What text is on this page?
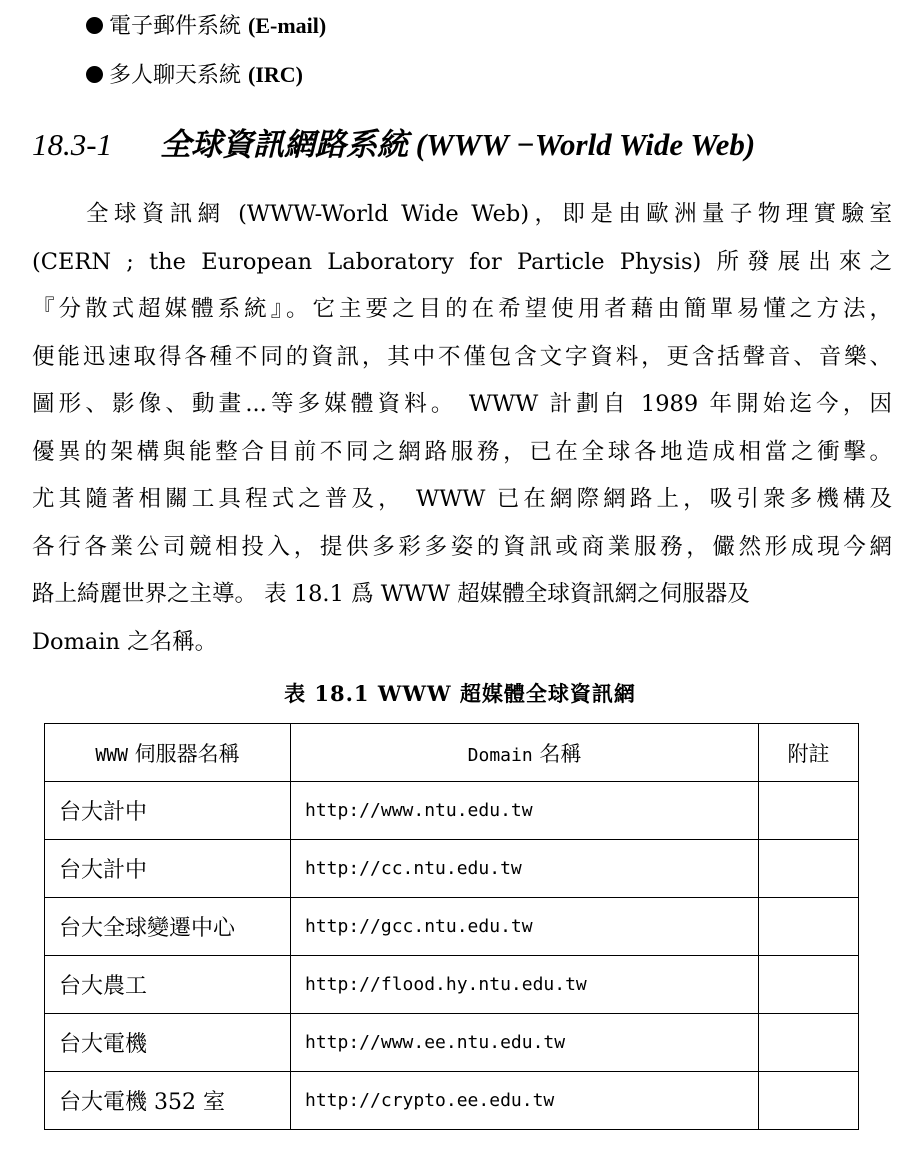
電子郵件系統 (E-mail)
多人聊天系統 (IRC)
18.3-1 全球資訊網路系統 (WWW −World Wide Web)
全球資訊網 (WWW-World Wide Web)，即是由歐洲量子物理實驗室
(CERN ; the European Laboratory for Particle Physis) 所發展出來之
『分散式超媒體系統』。它主要之目的在希望使用者藉由簡單易懂之方法，
便能迅速取得各種不同的資訊，其中不僅包含文字資料，更含括聲音、音樂、
圖形、影像、動畫...等多媒體資料。 WWW 計劃自 1989 年開始迄今，因
優異的架構與能整合目前不同之網路服務，已在全球各地造成相當之衝擊。
尤其隨著相關工具程式之普及， WWW 已在網際網路上，吸引衆多機構及
各行各業公司競相投入，提供多彩多姿的資訊或商業服務，儼然形成現今網
路上綺麗世界之主導。 表 18.1 爲 WWW 超媒體全球資訊網之伺服器及
Domain 之名稱。
表 18.1 WWW 超媒體全球資訊網
WWW 伺服器名稱	Domain 名稱	附註
台大計中	http://www.ntu.edu.tw	
台大計中	http://cc.ntu.edu.tw	
台大全球變遷中心	http://gcc.ntu.edu.tw	
台大農工	http://flood.hy.ntu.edu.tw	
台大電機	http://www.ee.ntu.edu.tw	
台大電機 352 室	http://crypto.ee.edu.tw	
